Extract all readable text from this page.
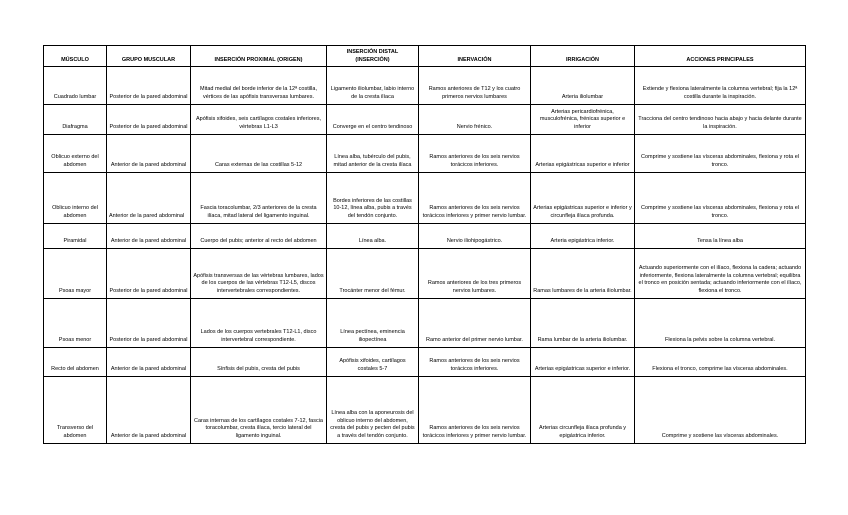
MÚSCULO	GRUPO MUSCULAR	INSERCIÓN PROXIMAL (ORIGEN)	INSERCIÓN DISTAL (INSERCIÓN)	INERVACIÓN	IRRIGACIÓN	ACCIONES PRINCIPALES
Cuadrado lumbar	Posterior de la pared abdominal	Mitad medial del borde inferior de la 12ª costilla, vértices de las apófisis transversas lumbares.	Ligamento iliolumbar, labio interno de la cresta ilíaca	Ramos anteriores de T12 y los cuatro primeros nervios lumbares	Arteria iliolumbar	Extiende y flexiona lateralmente la columna vertebral; fija la 12ª costilla durante la inspiración.
Diafragma	Posterior de la pared abdominal	Apófisis xifoides, seis cartílagos costales inferiores, vértebras L1-L3	Converge en el centro tendinoso	Nervio frénico.	Arterias pericardiofrénica, musculofrénica, frénicas superior e inferior	Tracciona del centro tendinoso hacia abajo y hacia delante durante la inspiración.
Oblicuo externo del abdomen	Anterior de la pared abdominal	Caras externas de las costillas 5-12	Línea alba, tubérculo del pubis, mitad anterior de la cresta ilíaca	Ramos anteriores de los seis nervios torácicos inferiores.	Arterias epigástricas superior e inferior	Comprime y sostiene las vísceras abdominales, flexiona y rota el tronco.
Oblicuo interno del abdomen	Anterior de la pared abdominal	Fascia toracolumbar, 2/3 anteriores de la cresta ilíaca, mitad lateral del ligamento inguinal.	Bordes inferiores de las costillas 10-12, línea alba, pubis a través del tendón conjunto.	Ramos anteriores de los seis nervios torácicos inferiores y primer nervio lumbar.	Arterias epigástricas superior e inferior y circunfleja ilíaca profunda.	Comprime y sostiene las vísceras abdominales, flexiona y rota el tronco.
Piramidal	Anterior de la pared abdominal	Cuerpo del pubis; anterior al recto del abdomen	Línea alba.	Nervio iliohipogástrico.	Arteria epigástrica inferior.	Tensa la línea alba
Psoas mayor	Posterior de la pared abdominal	Apófisis transversas de las vértebras lumbares, lados de los cuerpos de las vértebras T12-L5, discos intervertebrales correspondientes.	Trocánter menor del fémur.	Ramos anteriores de los tres primeros nervios lumbares.	Ramas lumbares de la arteria iliolumbar.	Actuando superiormente con el ilíaco, flexiona la cadera; actuando inferiormente, flexiona lateralmente la columna vertebral; equilibra el tronco en posición sentada; actuando inferiormente con el ilíaco, flexiona el tronco.
Psoas menor	Posterior de la pared abdominal	Lados de los cuerpos vertebrales T12-L1, disco intervertebral correspondiente.	Línea pectínea, eminencia iliopectínea	Ramo anterior del primer nervio lumbar.	Rama lumbar de la arteria iliolumbar.	Flexiona la pelvis sobre la columna vertebral.
Recto del abdomen	Anterior de la pared abdominal	Sínfisis del pubis, cresta del pubis	Apófisis xifoides, cartílagos costales 5-7	Ramos anteriores de los seis nervios torácicos inferiores.	Arterias epigástricas superior e inferior.	Flexiona el tronco, comprime las vísceras abdominales.
Transverso del abdomen	Anterior de la pared abdominal	Caras internas de los cartílagos costales 7-12, fascia toracolumbar, cresta ilíaca, tercio lateral del ligamento inguinal.	Línea alba con la aponeurosis del oblicuo interno del abdomen, cresta del pubis y pecten del pubis a través del tendón conjunto.	Ramos anteriores de los seis nervios torácicos inferiores y primer nervio lumbar.	Arterias circunfleja ilíaca profunda y epigástrica inferior.	Comprime y sostiene las vísceras abdominales.
